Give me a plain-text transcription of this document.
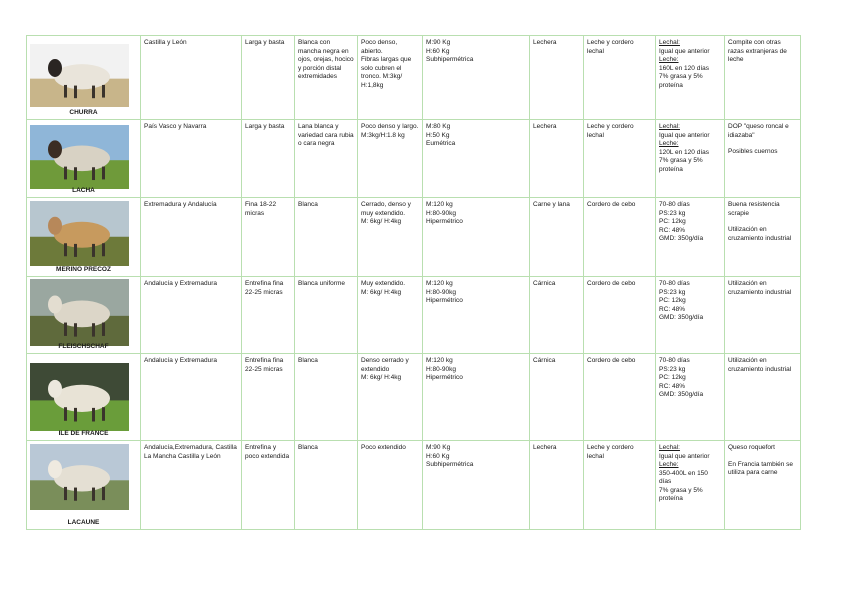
CHURRA	Castilla y León	Larga y basta	Blanca con mancha negra en ojos, orejas, hocico y porción distal extremidades	Poco denso, abierto.
Fibras largas que solo cubren el tronco. M:3kg/ H:1,8kg	M:90 Kg
H:60 Kg
Subhipermétrica	Lechera	Leche y cordero lechal	Lechal:
Igual que anterior
Leche:
160L en 120 días
7% grasa y 5% proteína	Compite con otras razas extranjeras de leche

LACHA	País Vasco y Navarra	Larga y basta	Lana blanca y variedad cara rubia o cara negra	Poco denso y largo.
M:3kg/H:1.8 kg	M:80 Kg
H:50 Kg
Eumétrica	Lechera	Leche y cordero lechal	Lechal:
Igual que anterior
Leche:
120L en 120 días
7% grasa y 5% proteína	DOP "queso roncal e idiazaba"
Posibles cuernos

MERINO PRECOZ	Extremadura y Andalucía	Fina 18-22 micras	Blanca	Cerrado, denso y muy extendido.
M: 6kg/ H:4kg	M:120 kg
H:80-90kg
Hipermétrico	Carne y lana	Cordero de cebo	70-80 días
PS:23 kg
PC: 12kg
RC: 48%
GMD: 350g/día	Buena resistencia scrapie
Utilización en cruzamiento industrial

FLEISCHSCHAF	Andalucía y Extremadura	Entrefina fina 22-25 micras	Blanca uniforme	Muy extendido.
M: 6kg/ H:4kg	M:120 kg
H:80-90kg
Hipermétrico	Cárnica	Cordero de cebo	70-80 días
PS:23 kg
PC: 12kg
RC: 48%
GMD: 350g/día	Utilización en cruzamiento industrial

ILE DE FRANCE	Andalucía y Extremadura	Entrefina fina 22-25 micras	Blanca	Denso cerrado y extendido
M: 6kg/ H:4kg	M:120 kg
H:80-90kg
Hipermétrico	Cárnica	Cordero de cebo	70-80 días
PS:23 kg
PC: 12kg
RC: 48%
GMD: 350g/día	Utilización en cruzamiento industrial

LACAUNE	Andalucía,Extremadura, Castilla La Mancha Castilla y León	Entrefina y poco extendida	Blanca	Poco extendido	M:90 Kg
H:60 Kg
Subhipermétrica	Lechera	Leche y cordero lechal	Lechal:
Igual que anterior
Leche:
350-400L en 150 días
7% grasa y 5% proteína	Queso roquefort
En Francia también se utiliza para carne
